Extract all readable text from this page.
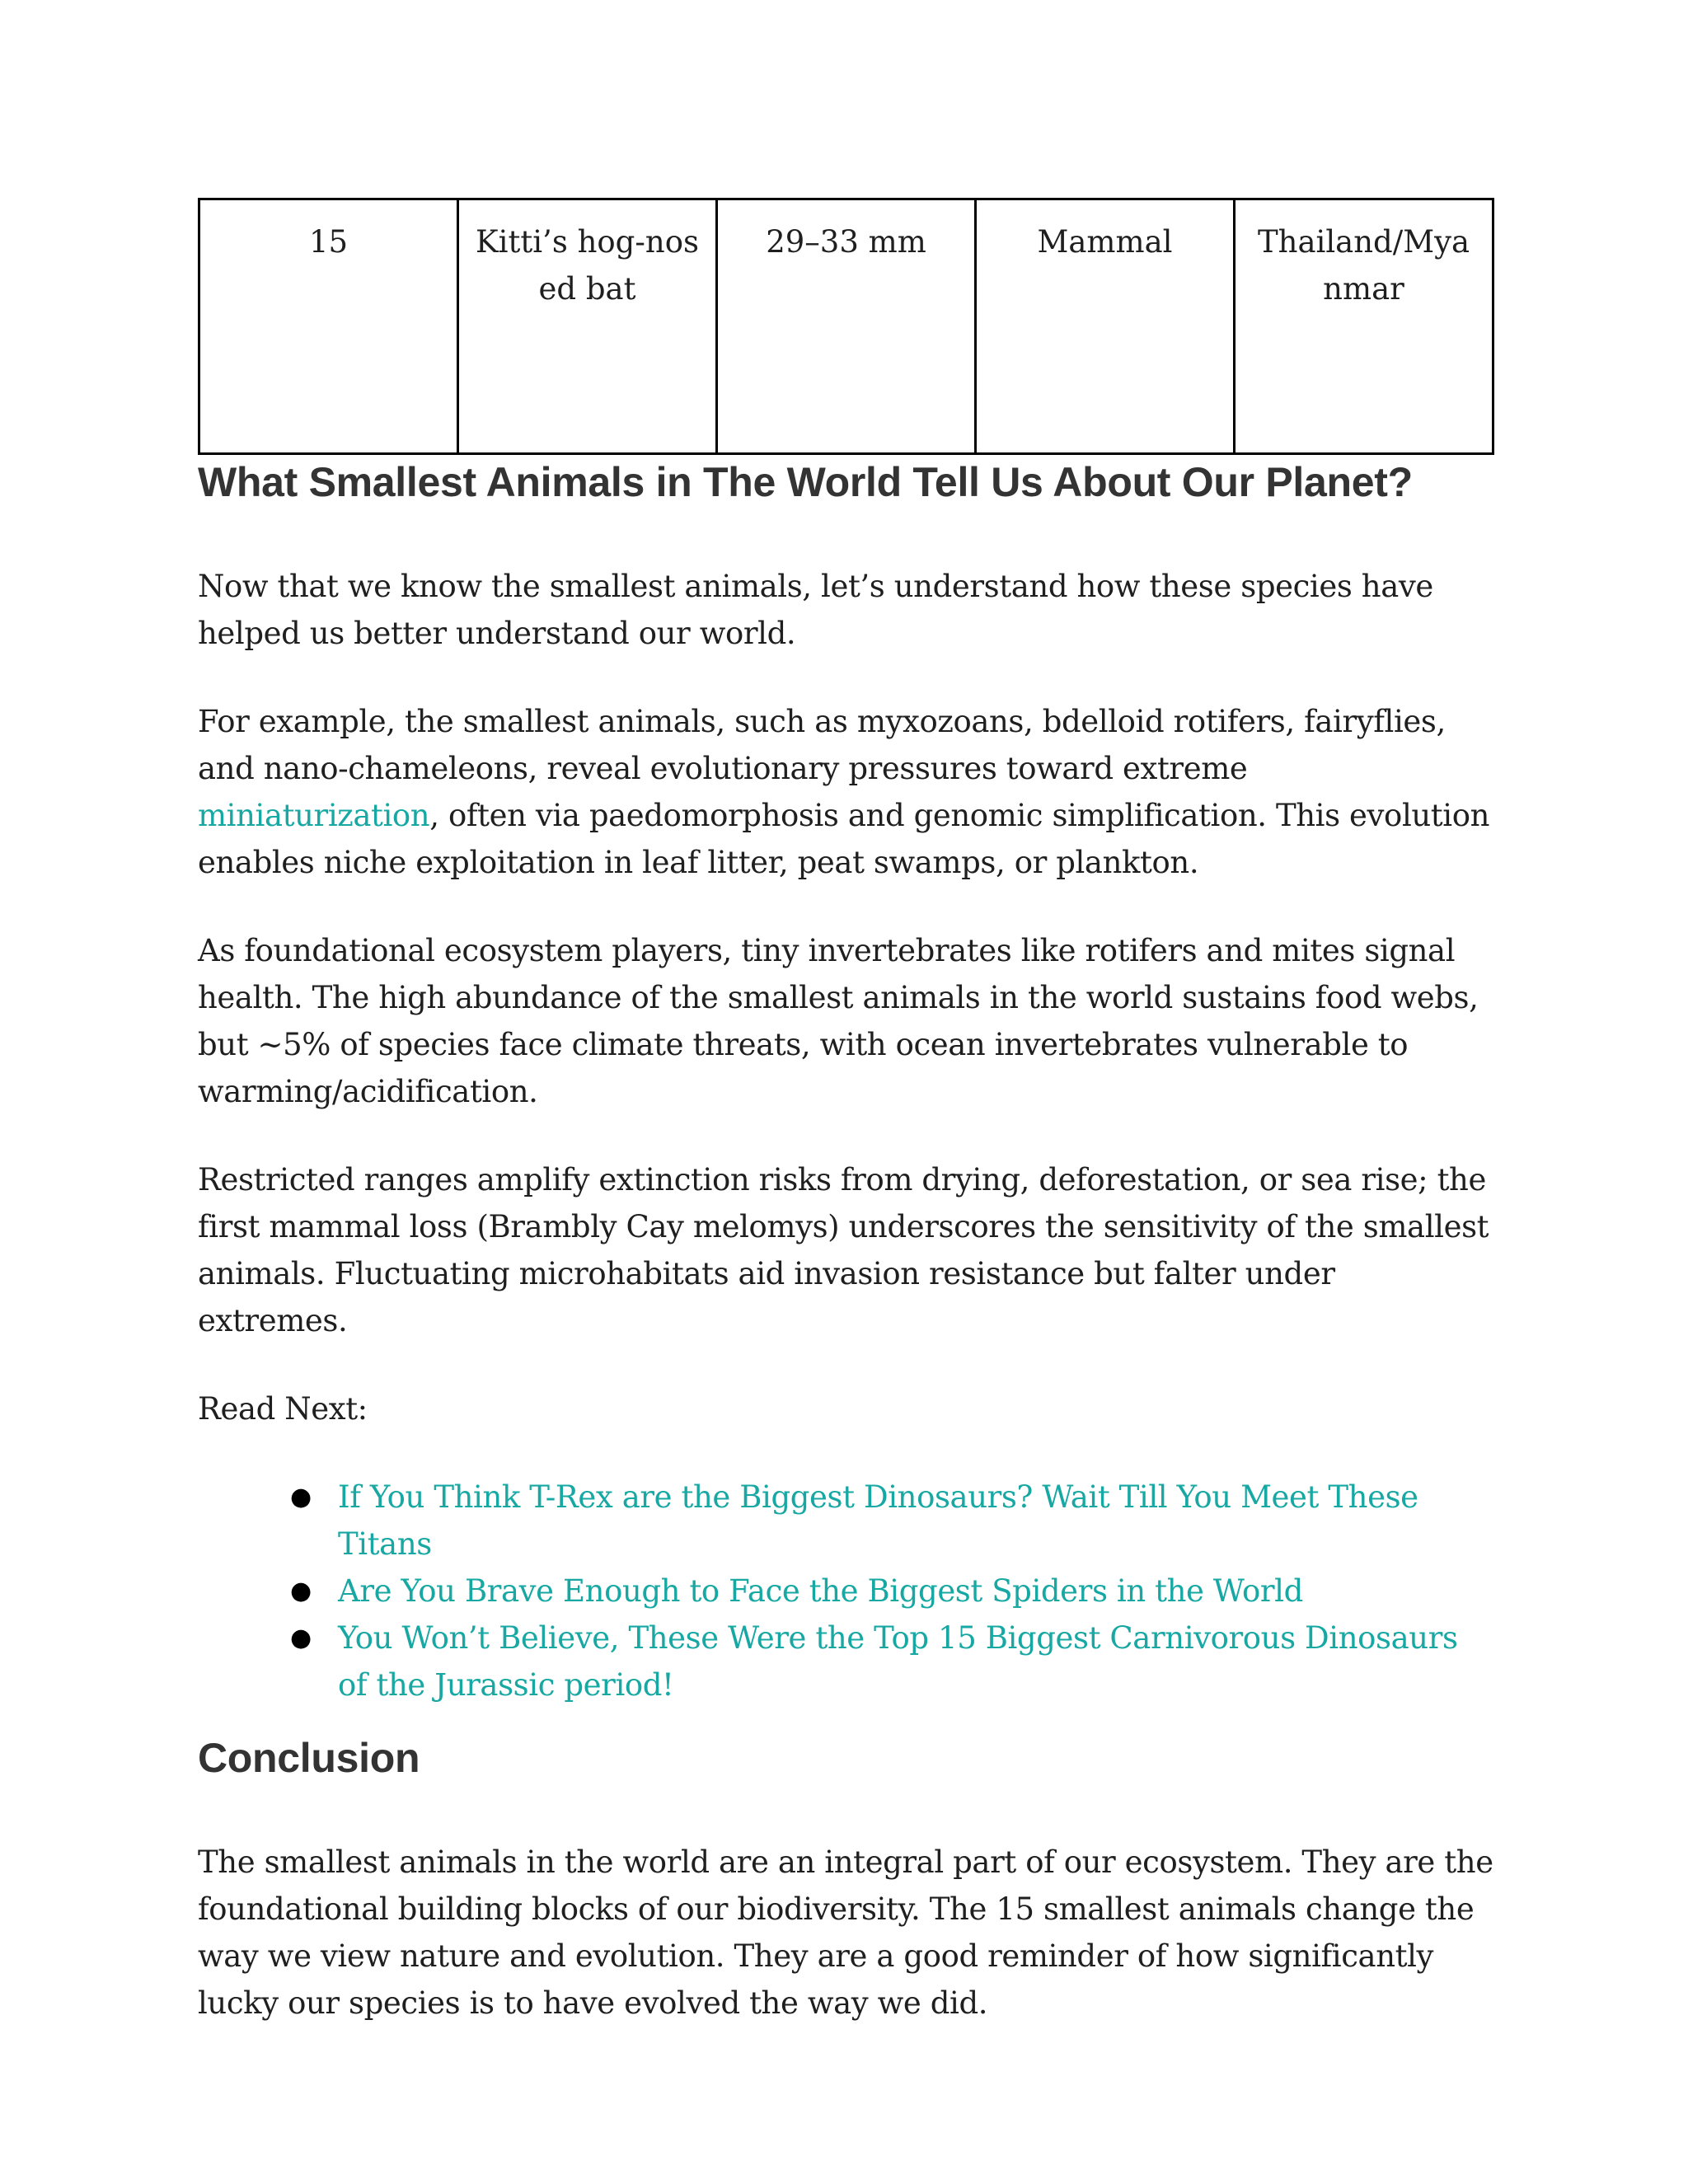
15	Kitti’s hog-nosed bat	29–33 mm	Mammal	Thailand/Myanmar
What Smallest Animals in The World Tell Us About Our Planet?

Now that we know the smallest animals, let’s understand how these species have helped us better understand our world.

For example, the smallest animals, such as myxozoans, bdelloid rotifers, fairyflies, and nano-chameleons, reveal evolutionary pressures toward extreme miniaturization, often via paedomorphosis and genomic simplification. This evolution enables niche exploitation in leaf litter, peat swamps, or plankton.

As foundational ecosystem players, tiny invertebrates like rotifers and mites signal health. The high abundance of the smallest animals in the world sustains food webs, but ~5% of species face climate threats, with ocean invertebrates vulnerable to warming/acidification.

Restricted ranges amplify extinction risks from drying, deforestation, or sea rise; the first mammal loss (Brambly Cay melomys) underscores the sensitivity of the smallest animals. Fluctuating microhabitats aid invasion resistance but falter under extremes.

Read Next:

● If You Think T-Rex are the Biggest Dinosaurs? Wait Till You Meet These Titans
● Are You Brave Enough to Face the Biggest Spiders in the World
● You Won’t Believe, These Were the Top 15 Biggest Carnivorous Dinosaurs of the Jurassic period!
Conclusion

The smallest animals in the world are an integral part of our ecosystem. They are the foundational building blocks of our biodiversity. The 15 smallest animals change the way we view nature and evolution. They are a good reminder of how significantly lucky our species is to have evolved the way we did.
